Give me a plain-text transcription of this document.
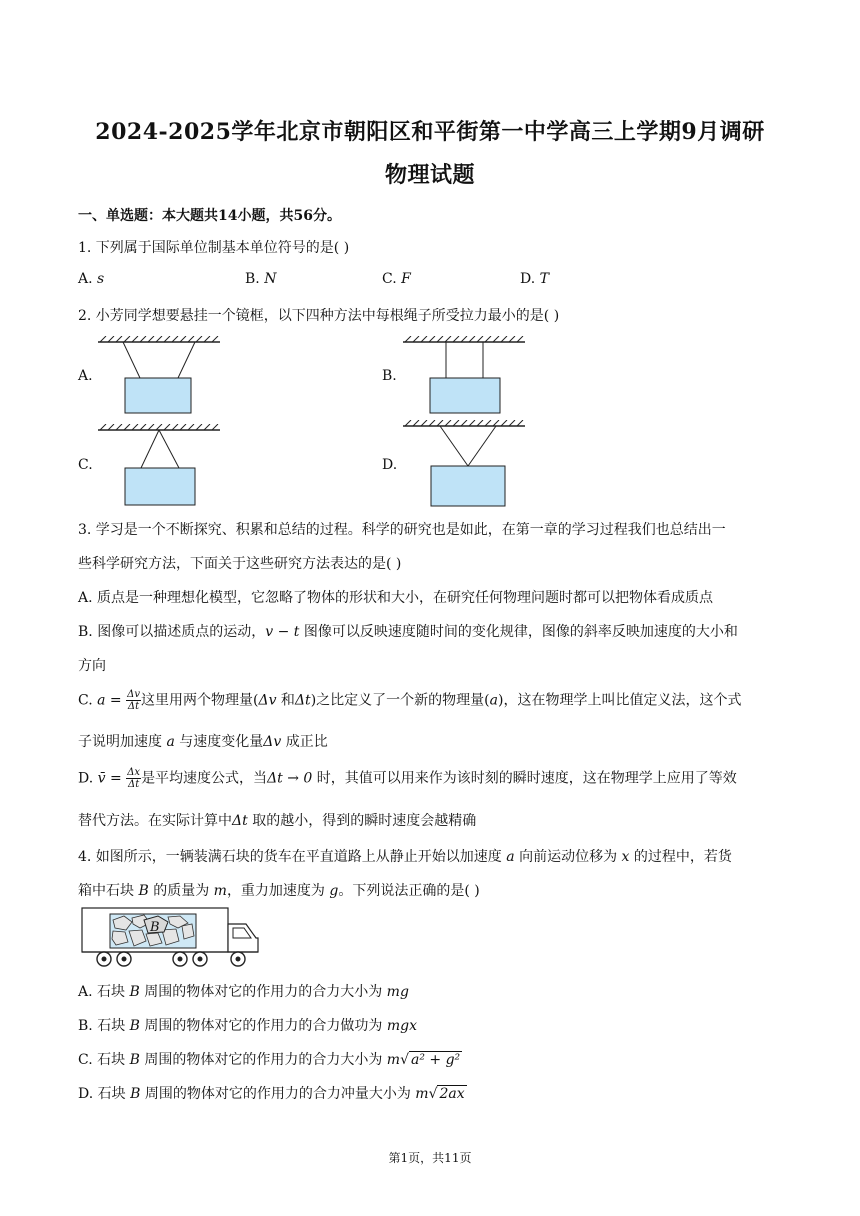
2024-2025学年北京市朝阳区和平街第一中学高三上学期9月调研
物理试题
一、单选题：本大题共14小题，共56分。
1. 下列属于国际单位制基本单位符号的是( )
A. s	B. N	C. F	D. T
2. 小芳同学想要悬挂一个镜框，以下四种方法中每根绳子所受拉力最小的是( )
A.	B.
C.	D.
3. 学习是一个不断探究、积累和总结的过程。科学的研究也是如此，在第一章的学习过程我们也总结出一
些科学研究方法，下面关于这些研究方法表达的是( )
A. 质点是一种理想化模型，它忽略了物体的形状和大小，在研究任何物理问题时都可以把物体看成质点
B. 图像可以描述质点的运动，v − t 图像可以反映速度随时间的变化规律，图像的斜率反映加速度的大小和
方向
C. $a = \frac{\Delta v}{\Delta t}$ 这里用两个物理量(Δv 和Δt)之比定义了一个新的物理量(a)，这在物理学上叫比值定义法，这个式
子说明加速度 a 与速度变化量Δv 成正比
D. v̄ = $\frac{\Delta x}{\Delta t}$ 是平均速度公式，当Δt → 0 时，其值可以用来作为该时刻的瞬时速度，这在物理学上应用了等效
替代方法。在实际计算中Δt 取的越小，得到的瞬时速度会越精确
4. 如图所示，一辆装满石块的货车在平直道路上从静止开始以加速度 a 向前运动位移为 x 的过程中，若货
箱中石块 B 的质量为 m，重力加速度为 g。下列说法正确的是( )
B
A. 石块 B 周围的物体对它的作用力的合力大小为 mg
B. 石块 B 周围的物体对它的作用力的合力做功为 mgx
C. 石块 B 周围的物体对它的作用力的合力大小为 m√ a² + g²
D. 石块 B 周围的物体对它的作用力的合力冲量大小为 m√ 2ax
第1页，共11页
